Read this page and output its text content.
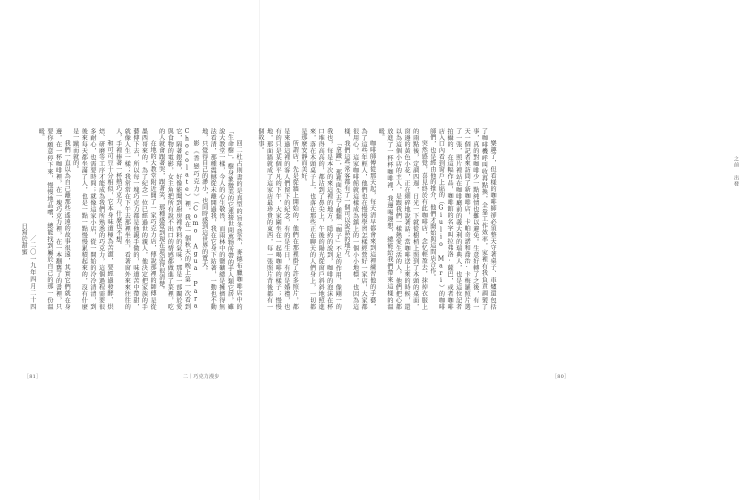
回二杜占則書的是真型的旨冬意采，麥德布臘咖啡店中的「生命樹」，樹身象徵美的它連接世間萬物所帶的手人類它居，雖說大教堂一樣，今人的心生敬畏，而雨林中的鹽礦總是擁擠得無法看清，那種震撼從未離開過我，我在它身下站著，一動也不動地，只覺得自己的渺小，也同時感到這世界的寬大。

影《香戀巧克力》（Como Agua Para Chocolate）裡，我在一個秋天的晚上第一次看到它，隔著銀幕，好像能聞到廚房裡香料的氣味，那是一部關於愛與食物的電影，女主角把所有說不出口的情感都做進了菜裡，吃的人就會跟著哭，跟著笑，那種感覺到現在還記得很清楚。

在地的大教堂附近開了一家巧克力店，傳說那裡的師傅是從墨西哥來的，為了紀念一位已經過世的親人，他決定把家族的手藝傳下去，所以每一塊巧克力都是他親手做的，味道苦中帶甜，就像人生一樣；我常常在下午去那裡坐坐，看著窗外來來往往的人，手裡捧著一杯熱巧克力，什麼也不想。

和可可豆十分相似，它本身味道極為苦澀，要經過發酵、烘焙、研磨等工序才能成為我們所熟悉的巧克力，這個過程需要很多耐心，也需要時間；就像這家小店，從一開始的冷冷清清，到後來每天都坐滿了人，也是一點一點慢慢累積起來的，沒有什麼是一蹴而就的。

我們一直以為自己離那些遙遠的故事很遠，其實它們就在身邊，在一杯咖啡裡，在一塊巧克力裡，在一本翻舊了的書裡，只要你願意停下來，慢慢地品嚐，總能找到屬於自己的那一份溫暖。

／二〇一九年四月二十四日寫於甜蜜

［81］	二｜巧克力漫步

樂趣了，但看樣的咖啡師卻必須整天守著桌子、車爐還包括了咖啡機呼叫收再點換，全靠工作效率，家裡有我負責調製了事，真的對咖啡少一點純情也難以避免。生意好轉了之後，有一天一個記者來訪問了新咖啡店，卡帕奇諾和喬治·卡梅羅照片選了一張，照片裡站在咖啡廳前的義大利的瑞典人，也是這位記者拍攝的，在這幅作品，咖啡館的名字叫拉弗洛·薩巴，或者咖啡店入口內看到窗戶上貼的（Giulio Mari）的咖啡師們，也是經由他的推介，他們才開始與這間店合作。

突然感覺，喜見終於有此咖啡店，念忆輕盈去，抹掉衣服上的雨點後，定調四週，日光一下就從樹梢上照到了木頭的桌面，窗邊的黃色小花，正在細碎地說著話；當咖啡送上來的時候，還以為這個小店的主人，是跟我們一樣熱愛生活的人，他們把心都放進了一杯杯咖啡裡，我邊喝邊想，總能給我們帶來這樣的溫暖。

咖啡師傅從那天起，每天清早都會來到這裡練習他的手藝，為了這些年輕人，他們也在慢慢學習怎樣經營好一家店，大家都很用心。這家咖啡館就這樣成為鎮上的一個小小地標，也因為這樣，我們這些常客都有了一個可以說話的地方。

「拿鐵」，那裡面失去了種類「咖子」不足的作用，像剛一的我也，每是本次的來這裡的地方，隱約的說到，咖啡的泡沫在杯口堆得高高的，都沾到了鼻尖上，午後的陽光從窗戶斜斜地照進來，落在木頭桌子上，也落在那些正在聊天的人們身上，一切都是那麼安靜而美好。

所謂店，先是從牆上開始的，他們在那裡掛了許多照片，都是來過這裡的客人們留下的紀念，有的是生日，有的是婚禮，也有的只是某個平凡的下午，大家圍坐在一起喝咖啡的樣子；慢慢地，那面牆就成了這家店最珍貴的東西，每一張照片背後都有一個故事。

［80］
之前 出發
